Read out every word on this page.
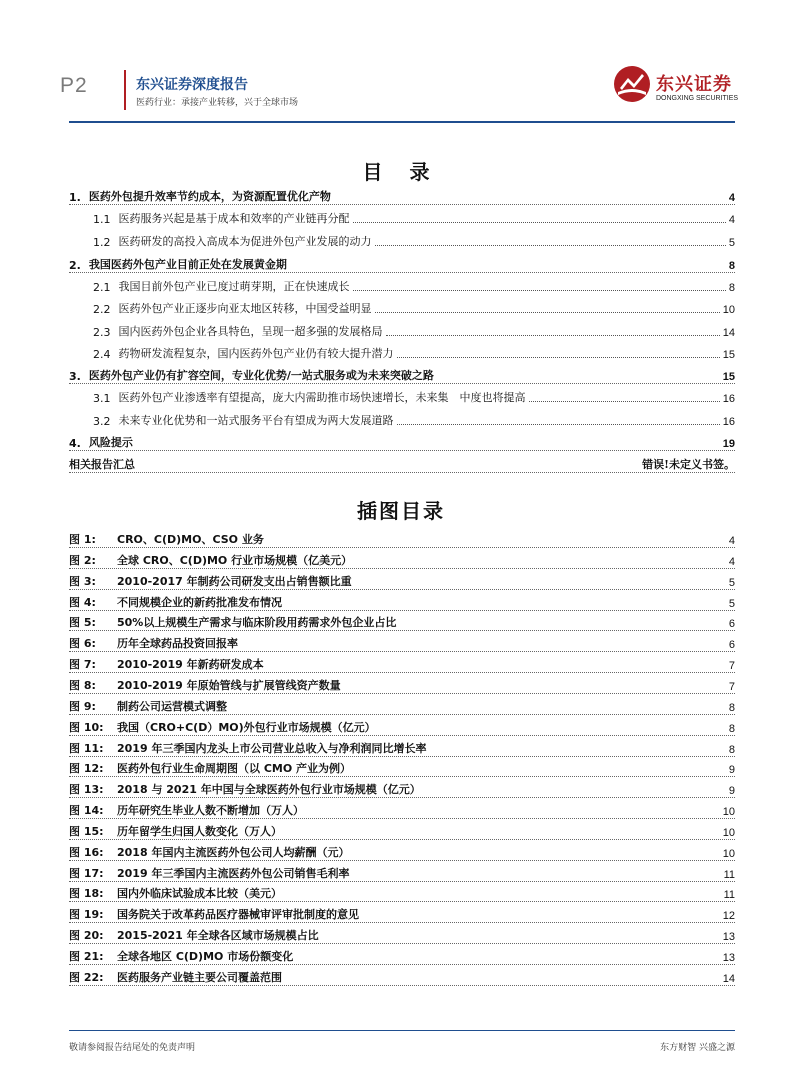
P2	东兴证券深度报告
医药行业：承接产业转移，兴于全球市场
东兴证券
DONGXING SECURITIES
目 录
1. 医药外包提升效率节约成本，为资源配置优化产物	4
1.1 医药服务兴起是基于成本和效率的产业链再分配	4
1.2 医药研发的高投入高成本为促进外包产业发展的动力	5
2. 我国医药外包产业目前正处在发展黄金期	8
2.1 我国目前外包产业已度过萌芽期，正在快速成长	8
2.2 医药外包产业正逐步向亚太地区转移，中国受益明显	10
2.3 国内医药外包企业各具特色，呈现一超多强的发展格局	14
2.4 药物研发流程复杂，国内医药外包产业仍有较大提升潜力	15
3. 医药外包产业仍有扩容空间，专业化优势/一站式服务或为未来突破之路	15
3.1 医药外包产业渗透率有望提高，庞大内需助推市场快速增长，未来集　中度也将提高	16
3.2 未来专业化优势和一站式服务平台有望成为两大发展道路	16
4. 风险提示	19
相关报告汇总	错误!未定义书签。
插图目录
图 1:	CRO、C(D)MO、CSO 业务	4
图 2:	全球 CRO、C(D)MO 行业市场规模（亿美元）	4
图 3:	2010-2017 年制药公司研发支出占销售额比重	5
图 4:	不同规模企业的新药批准发布情况	5
图 5:	50%以上规模生产需求与临床阶段用药需求外包企业占比	6
图 6:	历年全球药品投资回报率	6
图 7:	2010-2019 年新药研发成本	7
图 8:	2010-2019 年原始管线与扩展管线资产数量	7
图 9:	制药公司运营模式调整	8
图 10:	我国（CRO+C(D）MO)外包行业市场规模（亿元）	8
图 11:	2019 年三季国内龙头上市公司营业总收入与净利润同比增长率	8
图 12:	医药外包行业生命周期图（以 CMO 产业为例）	9
图 13:	2018 与 2021 年中国与全球医药外包行业市场规模（亿元）	9
图 14:	历年研究生毕业人数不断增加（万人）	10
图 15:	历年留学生归国人数变化（万人）	10
图 16:	2018 年国内主流医药外包公司人均薪酬（元）	10
图 17:	2019 年三季国内主流医药外包公司销售毛利率	11
图 18:	国内外临床试验成本比较（美元）	11
图 19:	国务院关于改革药品医疗器械审评审批制度的意见	12
图 20:	2015-2021 年全球各区域市场规模占比	13
图 21:	全球各地区 C(D)MO 市场份额变化	13
图 22:	医药服务产业链主要公司覆盖范围	14
敬请参阅报告结尾处的免责声明	东方财智 兴盛之源
